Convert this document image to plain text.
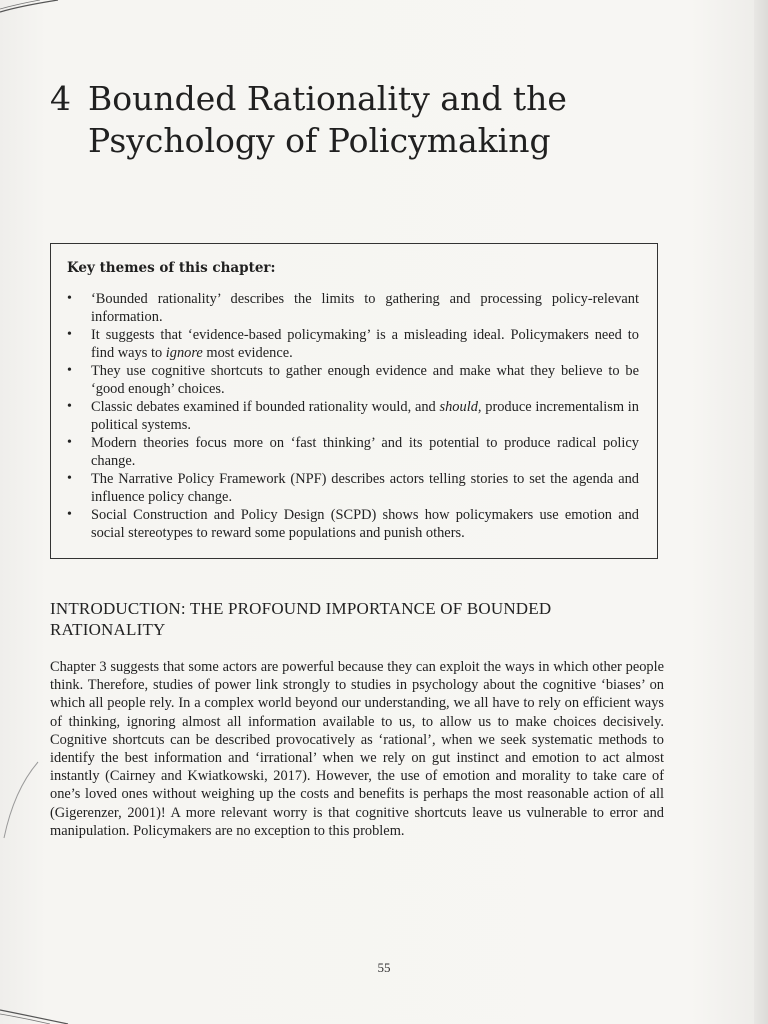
4 Bounded Rationality and the
Psychology of Policymaking
Key themes of this chapter:
• ‘Bounded rationality’ describes the limits to gathering and processing policy-relevant information.
• It suggests that ‘evidence-based policymaking’ is a misleading ideal. Policymakers need to find ways to ignore most evidence.
• They use cognitive shortcuts to gather enough evidence and make what they believe to be ‘good enough’ choices.
• Classic debates examined if bounded rationality would, and should, produce incrementalism in political systems.
• Modern theories focus more on ‘fast thinking’ and its potential to produce radical policy change.
• The Narrative Policy Framework (NPF) describes actors telling stories to set the agenda and influence policy change.
• Social Construction and Policy Design (SCPD) shows how policymakers use emotion and social stereotypes to reward some populations and punish others.
INTRODUCTION: THE PROFOUND IMPORTANCE OF BOUNDED RATIONALITY

Chapter 3 suggests that some actors are powerful because they can exploit the ways in which other people think. Therefore, studies of power link strongly to studies in psychology about the cognitive ‘biases’ on which all people rely. In a complex world beyond our understanding, we all have to rely on efficient ways of thinking, ignoring almost all information available to us, to allow us to make choices decisively. Cognitive shortcuts can be described provocatively as ‘rational’, when we seek systematic methods to identify the best information and ‘irrational’ when we rely on gut instinct and emotion to act almost instantly (Cairney and Kwiatkowski, 2017). However, the use of emotion and morality to take care of one’s loved ones without weighing up the costs and benefits is perhaps the most reasonable action of all (Gigerenzer, 2001)! A more relevant worry is that cognitive shortcuts leave us vulnerable to error and manipulation. Policymakers are no exception to this problem.

55
